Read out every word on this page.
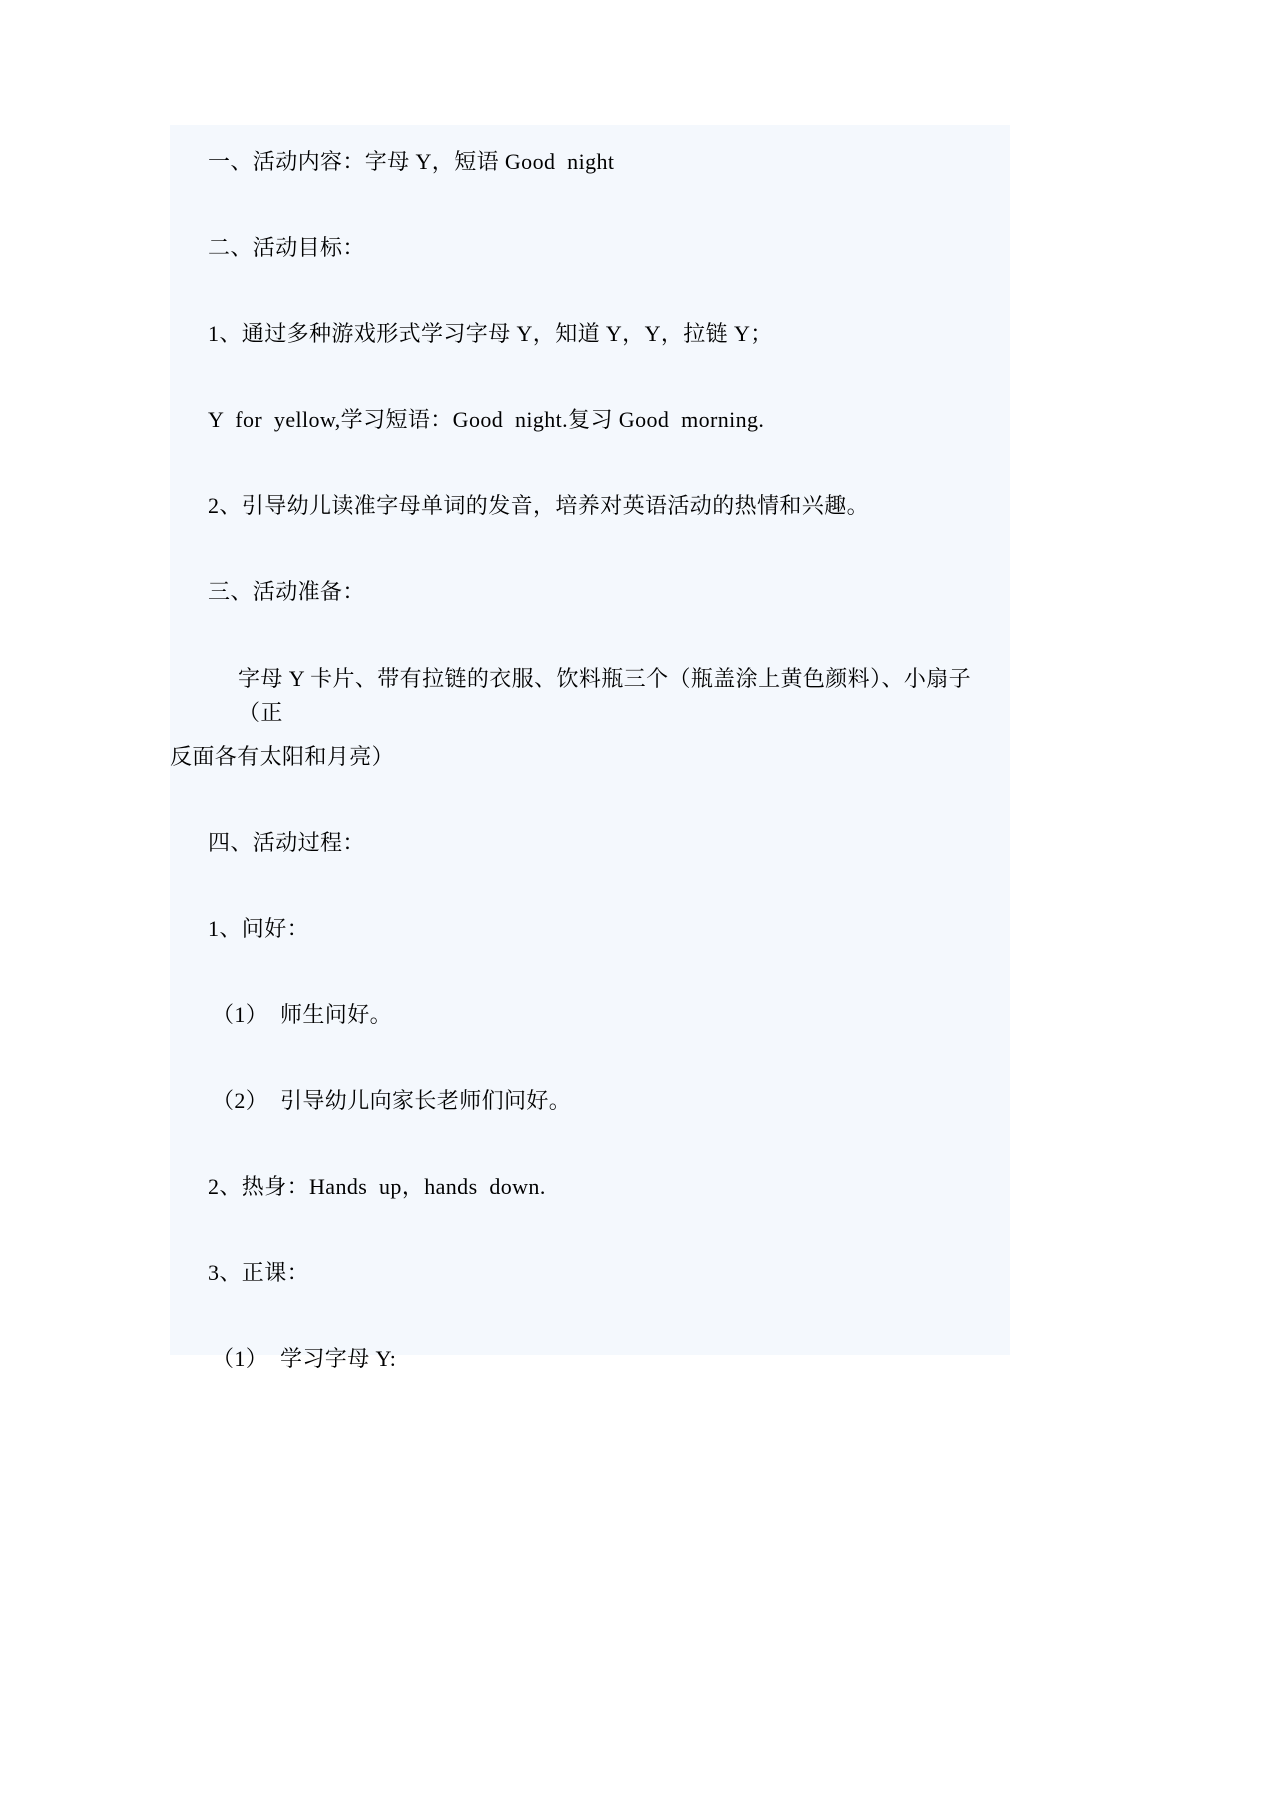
一、活动内容：字母 Y，短语 Good  night

二、活动目标：

1、通过多种游戏形式学习字母 Y，知道 Y，Y，拉链 Y；

Y  for  yellow,学习短语：Good  night.复习 Good  morning.

2、引导幼儿读准字母单词的发音，培养对英语活动的热情和兴趣。

三、活动准备：

字母 Y 卡片、带有拉链的衣服、饮料瓶三个（瓶盖涂上黄色颜料）、小扇子（正

反面各有太阳和月亮）

四、活动过程：

1、问好：

（1）  师生问好。

（2）  引导幼儿向家长老师们问好。

2、热身：Hands  up，hands  down.

3、正课：

（1）  学习字母 Y:
